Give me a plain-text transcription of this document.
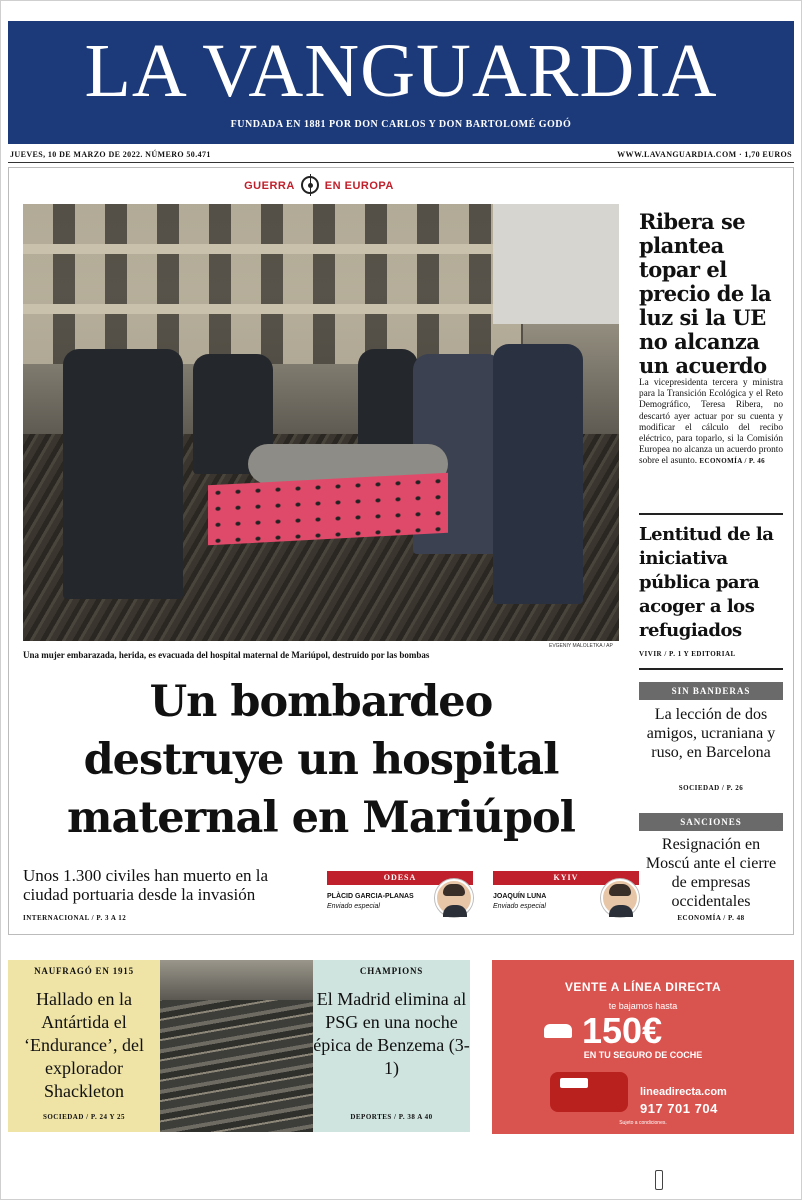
LA VANGUARDIA
FUNDADA EN 1881 POR DON CARLOS Y DON BARTOLOMÉ GODÓ
JUEVES, 10 DE MARZO DE 2022. NÚMERO 50.471	WWW.LAVANGUARDIA.COM · 1,70 EUROS
GUERRA	EN EUROPA
EVGENIY MALOLETKA / AP
Una mujer embarazada, herida, es evacuada del hospital maternal de Mariúpol, destruido por las bombas
Un bombardeo
destruye un hospital
maternal en Mariúpol
Unos 1.300 civiles han muerto en la ciudad portuaria desde la invasión
INTERNACIONAL / P. 3 A 12
ODESA
PLÀCID GARCIA-PLANAS
Enviado especial
KYIV
JOAQUÍN LUNA
Enviado especial
Ribera se plantea topar el precio de la luz si la UE no alcanza un acuerdo
La vicepresidenta tercera y ministra para la Transición Ecológica y el Reto Demográfico, Teresa Ribera, no descartó ayer actuar por su cuenta y modificar el cálculo del recibo eléctrico, para toparlo, si la Comisión Europea no alcanza un acuerdo pronto sobre el asunto. ECONOMÍA / P. 46
Lentitud de la iniciativa pública para acoger a los refugiados
VIVIR / P. 1 Y EDITORIAL
SIN BANDERAS
La lección de dos amigos, ucraniana y ruso, en Barcelona
SOCIEDAD / P. 26
SANCIONES
Resignación en Moscú ante el cierre de empresas occidentales
ECONOMÍA / P. 48
NAUFRAGÓ EN 1915
Hallado en la Antártida el ‘Endurance’, del explorador Shackleton
SOCIEDAD / P. 24 Y 25
CHAMPIONS
El Madrid elimina al PSG en una noche épica de Benzema (3-1)
DEPORTES / P. 38 A 40
VENTE A LÍNEA DIRECTA
te bajamos hasta
150€
EN TU SEGURO DE COCHE
lineadirecta.com
917 701 704
Sujeto a condiciones.
